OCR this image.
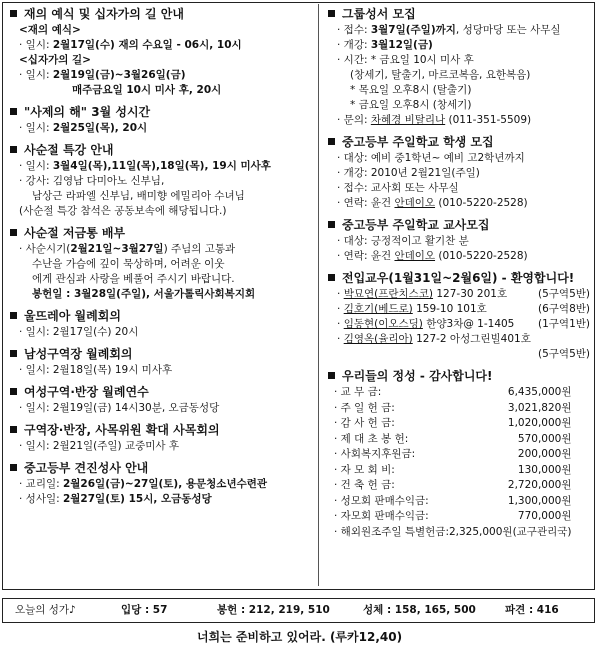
재의 예식 및 십자가의 길 안내
<재의 예식>
· 일시: 2월17일(수) 재의 수요일 - 06시, 10시
<십자가의 길>
· 일시: 2월19일(금)~3월26일(금)
매주금요일 10시 미사 후, 20시
"사제의 해" 3월 성시간
· 일시: 2월25일(목), 20시
사순절 특강 안내
· 일시: 3월4일(목),11일(목),18일(목), 19시 미사후
· 강사: 김영남 다미아노 신부님,
남상근 라파엘 신부님, 배미향 에밀리아 수녀님
(사순절 특강 참석은 공동보속에 해당됩니다.)
사순절 저금통 배부
· 사순시기(2월21일~3월27일) 주님의 고통과
수난을 가슴에 깊이 묵상하며, 어려운 이웃
에게 관심과 사랑을 베풀어 주시기 바랍니다.
봉헌일 : 3월28일(주일), 서울가톨릭사회복지회
울뜨레아 월례회의
· 일시: 2월17일(수) 20시
남성구역장 월례회의
· 일시: 2월18일(목) 19시 미사후
여성구역·반장 월례연수
· 일시: 2월19일(금) 14시30분, 오금동성당
구역장·반장, 사목위원 확대 사목회의
· 일시: 2월21일(주일) 교중미사 후
중고등부 견진성사 안내
· 교리일: 2월26일(금)~27일(토), 용문청소년수련관
· 성사일: 2월27일(토) 15시, 오금동성당
그룹성서 모집
· 접수: 3월7일(주일)까지, 성당마당 또는 사무실
· 개강: 3월12일(금)
· 시간: * 금요일 10시 미사 후
(창세기, 탈출기, 마르코복음, 요한복음)
* 목요일 오후8시 (탈출기)
* 금요일 오후8시 (창세기)
· 문의: 차혜경 비탈리나 (011-351-5509)
중고등부 주일학교 학생 모집
· 대상: 예비 중1학년~ 예비 고2학년까지
· 개강: 2010년 2월21일(주일)
· 접수: 교사회 또는 사무실
· 연락: 윤건 안데이오 (010-5220-2528)
중고등부 주일학교 교사모집
· 대상: 긍정적이고 활기찬 분
· 연락: 윤건 안데이오 (010-5220-2528)
전입교우(1월31일~2월6일) - 환영합니다!
· 박묘연(프란치스코) 127-30 201호	(5구역5반)
· 김호기(베드로) 159-10 101호	(6구역8반)
· 임동현(이오스딩) 한양3차@ 1-1405 (1구역1반)
· 김영옥(율리아) 127-2 아성그린빌401호
(5구역5반)
우리들의 정성 - 감사합니다!
· 교 무 금:	6,435,000원
· 주 일 헌 금:	3,021,820원
· 감 사 헌 금:	1,020,000원
· 제 대 초 봉 헌:	570,000원
· 사회복지후원금:	200,000원
· 자 모 회 비:	130,000원
· 건 축 헌 금:	2,720,000원
· 성모회 판매수익금:	1,300,000원
· 자모회 판매수익금:	770,000원
· 해외원조주일 특별헌금:	2,325,000원(교구관리국)
오늘의 성가♪	입당 : 57	봉헌 : 212, 219, 510	성체 : 158, 165, 500	파견 : 416
너희는 준비하고 있어라. (루카12,40)
